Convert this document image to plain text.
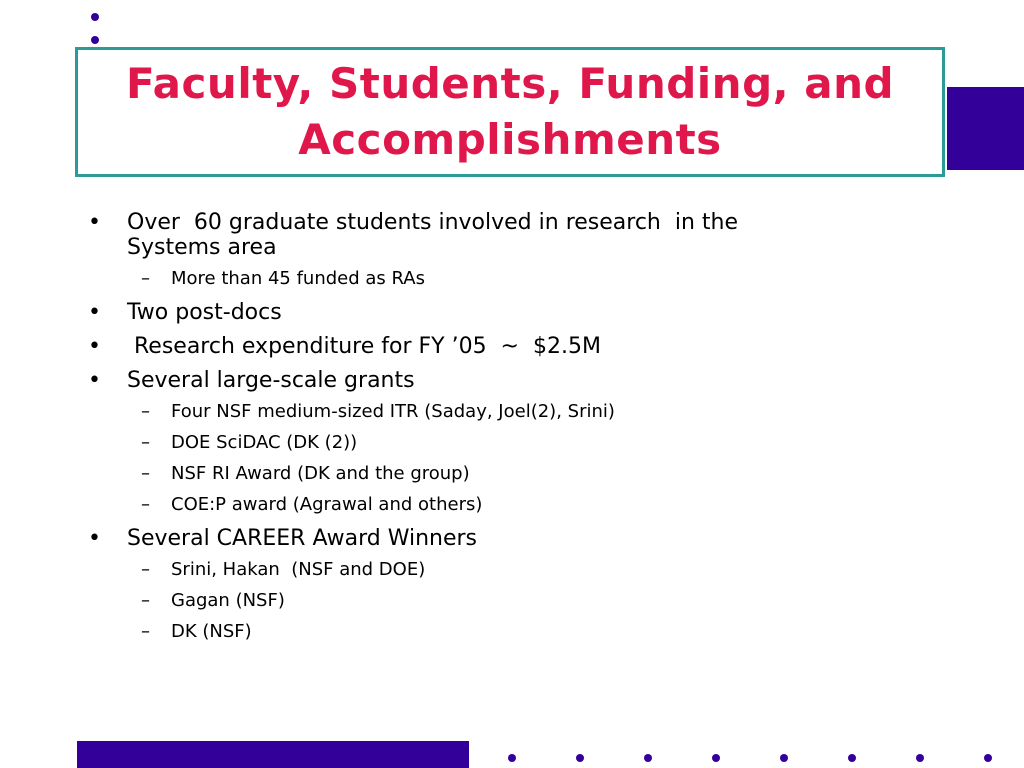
Faculty, Students, Funding, and
Accomplishments
• Over  60 graduate students involved in research  in the
Systems area
– More than 45 funded as RAs
• Two post-docs
• Research expenditure for FY ’05  ~  $2.5M
• Several large-scale grants
– Four NSF medium-sized ITR (Saday, Joel(2), Srini)
– DOE SciDAC (DK (2))
– NSF RI Award (DK and the group)
– COE:P award (Agrawal and others)
• Several CAREER Award Winners
– Srini, Hakan  (NSF and DOE)
– Gagan (NSF)
– DK (NSF)
